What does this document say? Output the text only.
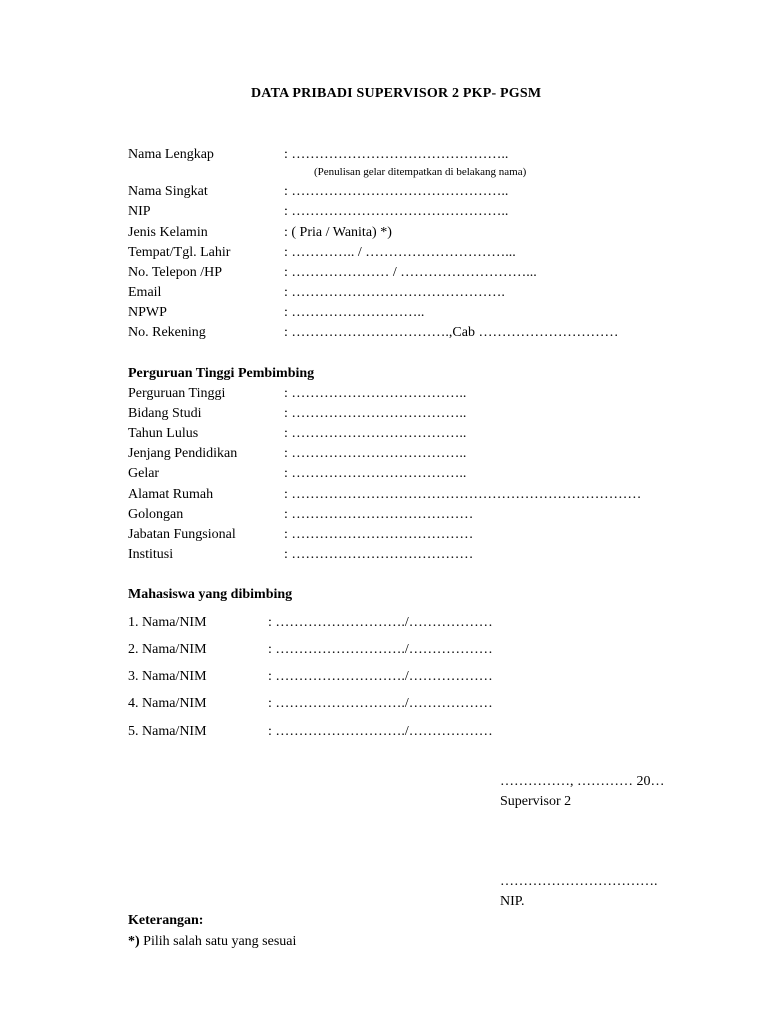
DATA PRIBADI SUPERVISOR 2 PKP- PGSM
Nama Lengkap	: ………………………………………..
(Penulisan gelar ditempatkan di belakang nama)
Nama Singkat	: ………………………………………..
NIP	: ………………………………………..
Jenis Kelamin	: ( Pria / Wanita) *)
Tempat/Tgl. Lahir	: ………….. / …………………………...
No. Telepon /HP	: ………………… / ………………………...
Email	: ……………………………………….
NPWP	: ………………………..
No. Rekening	: …………………………….,Cab …………………………
Perguruan Tinggi Pembimbing
Perguruan Tinggi	: ………………………………..
Bidang Studi	: ………………………………..
Tahun Lulus	: ………………………………..
Jenjang Pendidikan	: ………………………………..
Gelar	: ………………………………..
Alamat Rumah	: …………………………………………………………………
Golongan	: …………………………………
Jabatan Fungsional	: …………………………………
Institusi	: …………………………………
Mahasiswa yang dibimbing
1. Nama/NIM	: ………………………./………………
2. Nama/NIM	: ………………………./………………
3. Nama/NIM	: ………………………./………………
4. Nama/NIM	: ………………………./………………
5. Nama/NIM	: ………………………./………………
……………, ………… 20…
Supervisor 2
…………………………….
NIP.
Keterangan:
*) Pilih salah satu yang sesuai
